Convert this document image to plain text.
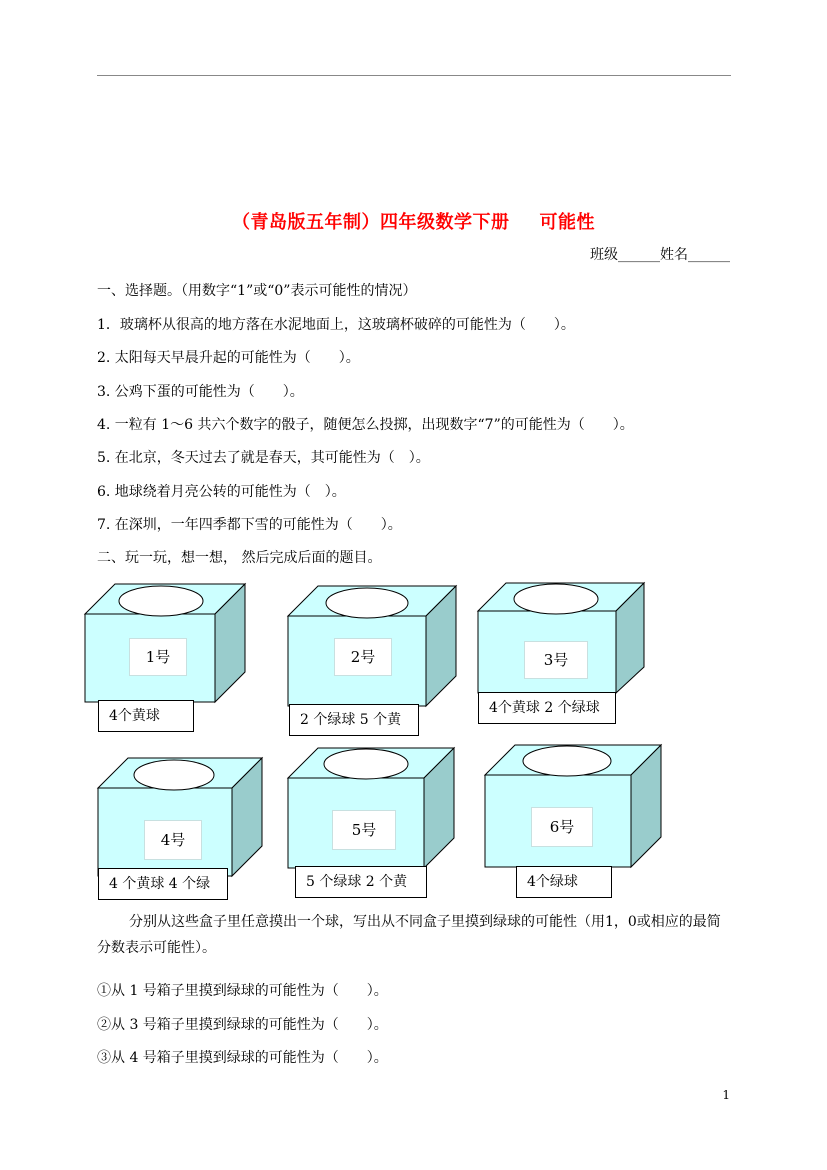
（青岛版五年制）四年级数学下册 可能性
班级______姓名______
一、选择题。（用数字“1”或“0”表示可能性的情况）
1．玻璃杯从很高的地方落在水泥地面上，这玻璃杯破碎的可能性为（　　）。
2. 太阳每天早晨升起的可能性为（　　）。
3. 公鸡下蛋的可能性为（　　）。
4. 一粒有 1～6 共六个数字的骰子，随便怎么投掷，出现数字“7”的可能性为（　　）。
5. 在北京，冬天过去了就是春天，其可能性为（　）。
6. 地球绕着月亮公转的可能性为（　）。
7. 在深圳，一年四季都下雪的可能性为（　　）。
二、玩一玩，想一想， 然后完成后面的题目。
1号
4个黄球
2号
2 个绿球 5 个黄
3号
4个黄球 2 个绿球
4号
4 个黄球 4 个绿
5号
5 个绿球 2 个黄
6号
4个绿球
分别从这些盒子里任意摸出一个球，写出从不同盒子里摸到绿球的可能性（用1，0或相应的最简分数表示可能性）。
①从 1 号箱子里摸到绿球的可能性为（　　）。
②从 3 号箱子里摸到绿球的可能性为（　　）。
③从 4 号箱子里摸到绿球的可能性为（　　）。
1
